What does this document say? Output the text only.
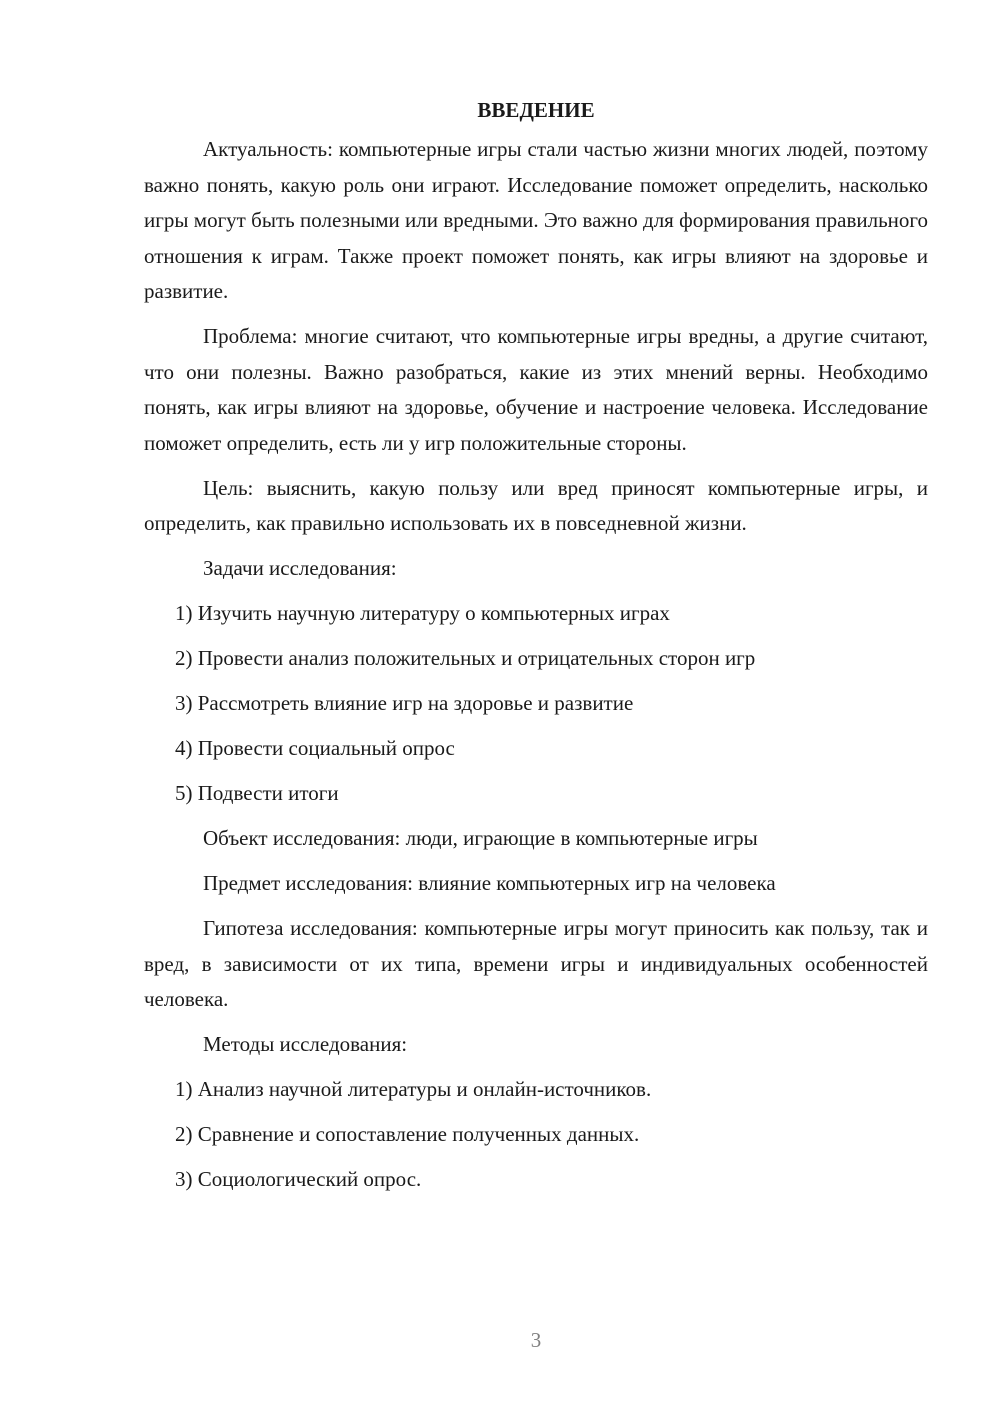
ВВЕДЕНИЕ

Актуальность: компьютерные игры стали частью жизни многих людей, поэтому важно понять, какую роль они играют. Исследование поможет определить, насколько игры могут быть полезными или вредными. Это важно для формирования правильного отношения к играм. Также проект поможет понять, как игры влияют на здоровье и развитие.

Проблема: многие считают, что компьютерные игры вредны, а другие считают, что они полезны. Важно разобраться, какие из этих мнений верны. Необходимо понять, как игры влияют на здоровье, обучение и настроение человека. Исследование поможет определить, есть ли у игр положительные стороны.

Цель: выяснить, какую пользу или вред приносят компьютерные игры, и определить, как правильно использовать их в повседневной жизни.

Задачи исследования:
1) Изучить научную литературу о компьютерных играх
2) Провести анализ положительных и отрицательных сторон игр
3) Рассмотреть влияние игр на здоровье и развитие
4) Провести социальный опрос
5) Подвести итоги
Объект исследования: люди, играющие в компьютерные игры
Предмет исследования: влияние компьютерных игр на человека

Гипотеза исследования: компьютерные игры могут приносить как пользу, так и вред, в зависимости от их типа, времени игры и индивидуальных особенностей человека.

Методы исследования:
1) Анализ научной литературы и онлайн-источников.
2) Сравнение и сопоставление полученных данных.
3) Социологический опрос.
3
